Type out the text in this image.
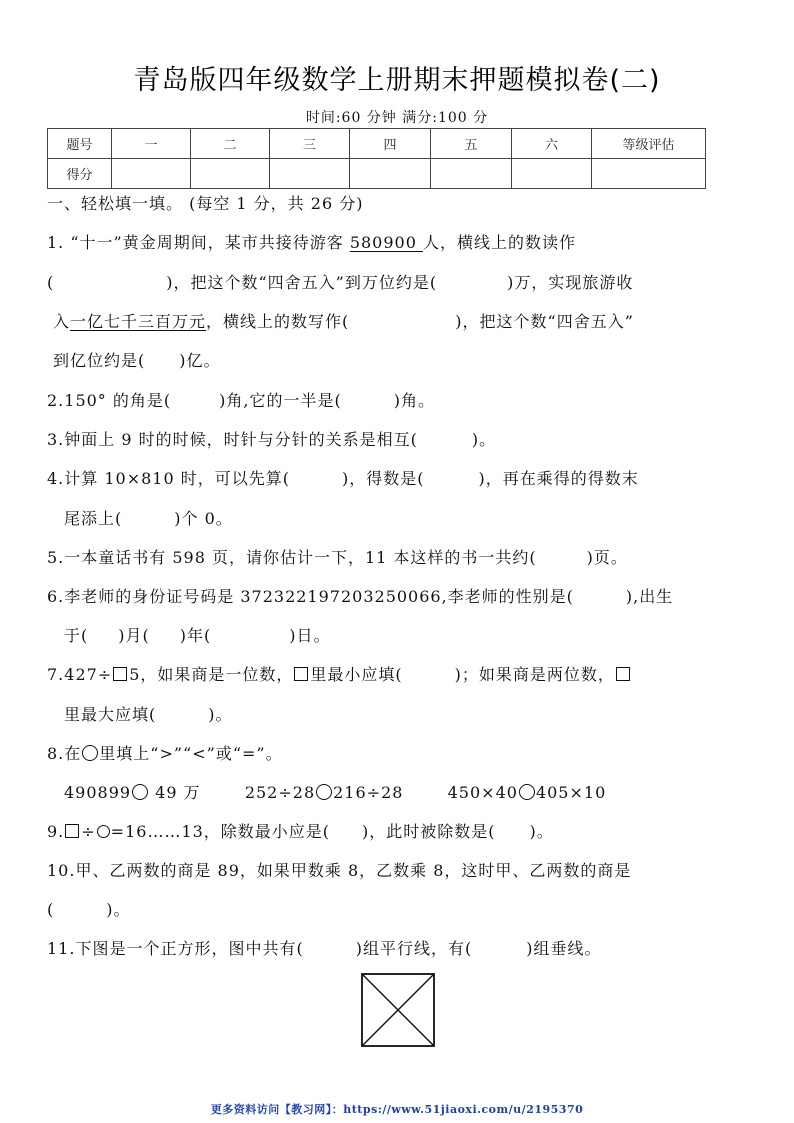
青岛版四年级数学上册期末押题模拟卷(二)
时间:60 分钟 满分:100 分
题号	一	二	三	四	五	六	等级评估
得分							
一、轻松填一填。 (每空 1 分，共 26 分)
1. “十一”黄金周期间，某市共接待游客 580900 人，横线上的数读作
(	)，把这个数“四舍五入”到万位约是(	)万，实现旅游收
入一亿七千三百万元，横线上的数写作(	)，把这个数“四舍五入”
到亿位约是( )亿。
2.150° 的角是(	)角,它的一半是(	)角。
3.钟面上 9 时的时候，时针与分针的关系是相互(	)。
4.计算 10×810 时，可以先算(	)，得数是(	)，再在乘得的得数末
尾添上(	)个 0。
5.一本童话书有 598 页，请你估计一下，11 本这样的书一共约(	)页。
6.李老师的身份证号码是 372322197203250066,李老师的性别是(	),出生
于( )月( )年(	)日。
7.427÷ 5，如果商是一位数， 里最小应填(	)；如果商是两位数，
里最大应填(	)。
8.在 里填上“>”“<”或“=”。
490899 49 万	252÷28 216÷28	450×40 405×10
9. ÷ =16……13，除数最小应是( )，此时被除数是( )。
10.甲、乙两数的商是 89，如果甲数乘 8，乙数乘 8，这时甲、乙两数的商是
(	)。
11.下图是一个正方形，图中共有(	)组平行线，有(	)组垂线。
更多资料访问【教习网】：https://www.51jiaoxi.com/u/2195370
